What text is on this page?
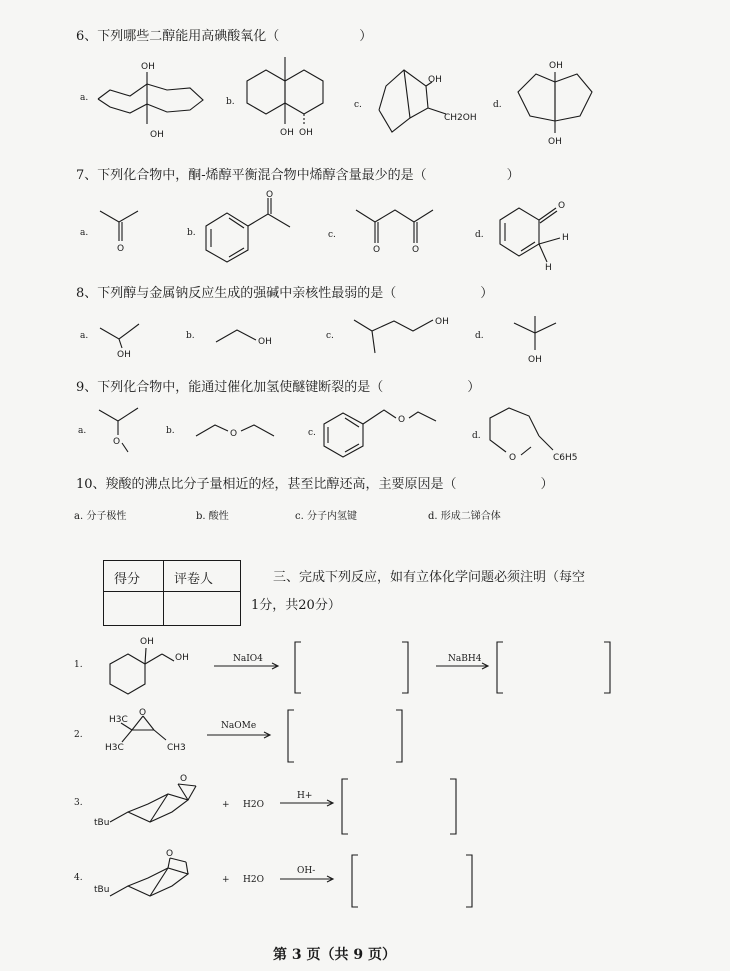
6、下列哪些二醇能用高碘酸氧化（	）
a.	b.	c.	d.
7、下列化合物中，酮-烯醇平衡混合物中烯醇含量最少的是（	）
a.	b.	c.	d.
8、下列醇与金属钠反应生成的强碱中亲核性最弱的是（	）
a.	b.	c.	d.
9、下列化合物中，能通过催化加氢使醚键断裂的是（	）
a.	b.	c.	d.
10、羧酸的沸点比分子量相近的烃，甚至比醇还高，主要原因是（	）
a. 分子极性	b. 酸性	c. 分子内氢键	d. 形成二锑合体
得分	评卷人	三、完成下列反应，如有立体化学问题必须注明（每空
1分，共20分）
1.
2.
3.
4.
NaIO4	NaBH4
NaOMe
+ H2O
H+
+ H2O
OH-
第 3 页（共 9 页）
OH
OH	OH OH
OH
CH2OH
OH
OH
O
O
O	O
O
H
H
OH
OH
OH
OH
O
O
O
O	C6H5
OH
OH
O
H3C
H3C	CH3
O
tBu
O
tBu
